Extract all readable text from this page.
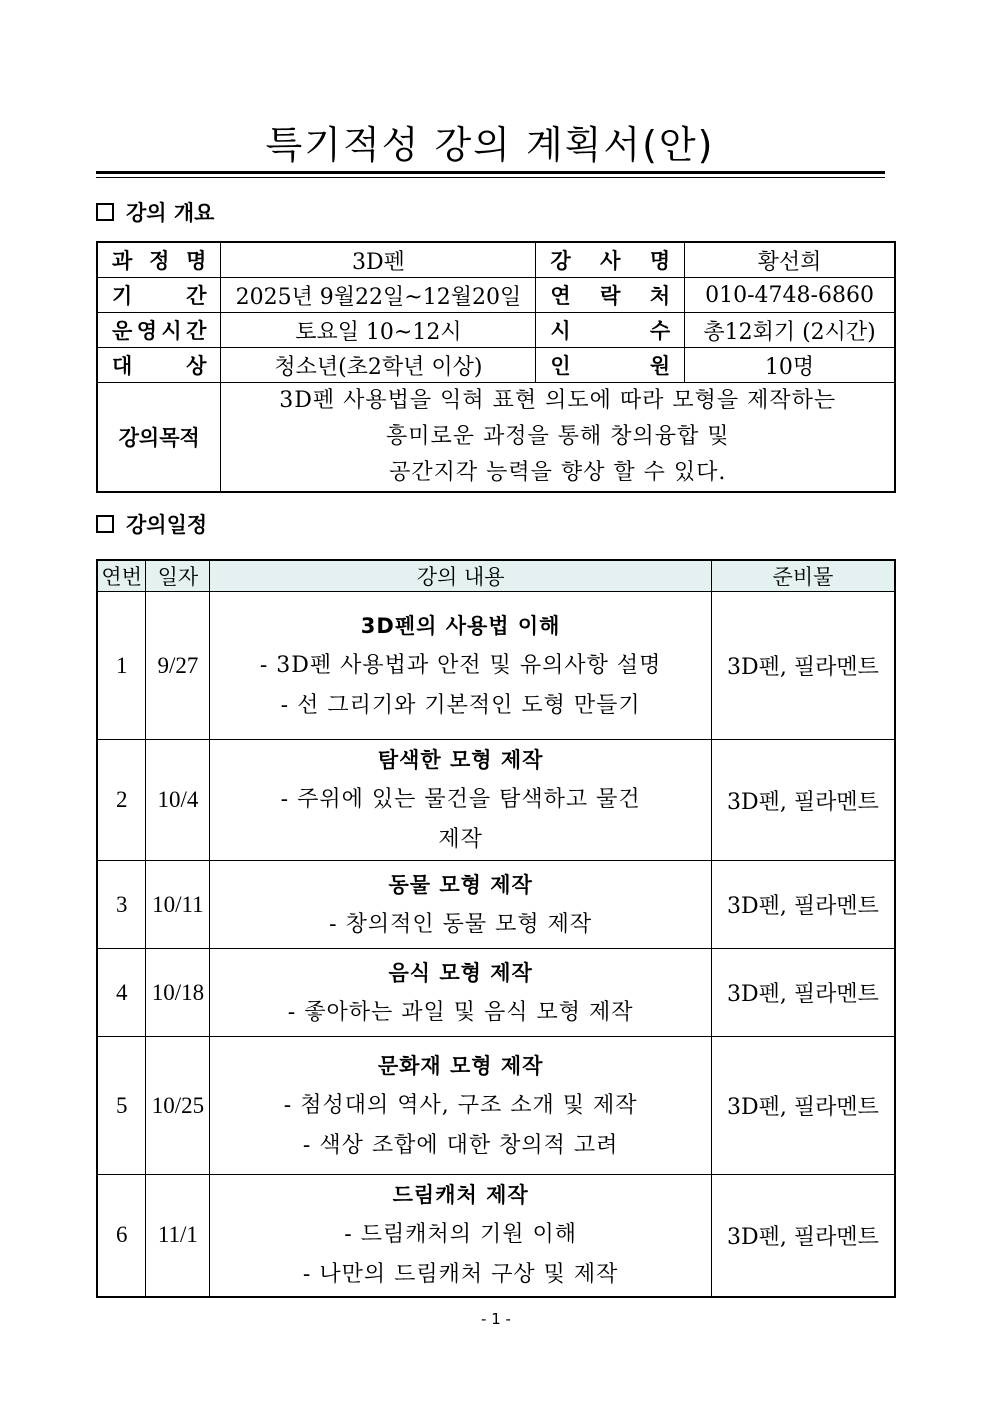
특기적성 강의 계획서(안)
강의 개요
과 정 명	3D펜	강 사 명	황선희

기 간	2025년 9월22일~12월20일	연 락 처	010-4748-6860

운 영 시 간	토요일 10~12시	시 수	총12회기 (2시간)

대 상	청소년(초2학년 이상)	인 원	10명
강의목적	3D펜 사용법을 익혀 표현 의도에 따라 모형을 제작하는
흥미로운 과정을 통해 창의융합 및
공간지각 능력을 향상 할 수 있다.		
강의일정
연번	일자	강의 내용	준비물
1	9/27	3D펜의 사용법 이해
- 3D펜 사용법과 안전 및 유의사항 설명
- 선 그리기와 기본적인 도형 만들기	3D펜, 필라멘트
2	10/4	탐색한 모형 제작
- 주위에 있는 물건을 탐색하고 물건
제작	3D펜, 필라멘트
3	10/11	동물 모형 제작
- 창의적인 동물 모형 제작	3D펜, 필라멘트
4	10/18	음식 모형 제작
- 좋아하는 과일 및 음식 모형 제작	3D펜, 필라멘트
5	10/25	문화재 모형 제작
- 첨성대의 역사, 구조 소개 및 제작
- 색상 조합에 대한 창의적 고려	3D펜, 필라멘트
6	11/1	드림캐처 제작
- 드림캐처의 기원 이해
- 나만의 드림캐처 구상 및 제작	3D펜, 필라멘트
- 1 -
